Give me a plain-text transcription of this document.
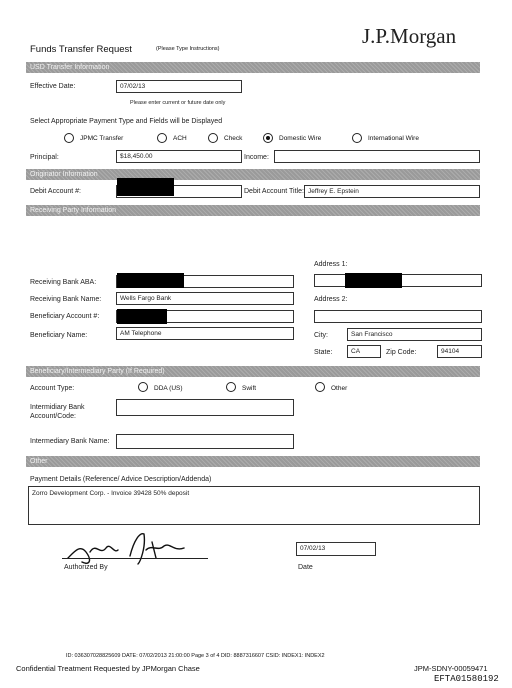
J.P.Morgan
Funds Transfer Request	(Please Type Instructions)
USD Transfer Information
Effective Date:	07/02/13
Please enter current or future date only
Select Appropriate Payment Type and Fields will be Displayed
JPMC Transfer	ACH	Check	Domestic Wire	International Wire
Principal:	$18,450.00	Income:
Originator Information
Debit Account #:	Debit Account Title: Jeffrey E. Epstein
Receiving Party Information
Address 1:
Receiving Bank ABA:
Receiving Bank Name:	Wells Fargo Bank	Address 2:
Beneficiary Account #:
Beneficiary Name:	AM Telephone	City:	San Francisco
State:	CA	Zip Code:	94104
Beneficiary/Intermediary Party (If Required)
Account Type:	DDA (US)	Swift	Other
Intermidiary Bank
Account/Code:
Intermediary Bank Name:
Other
Payment Details (Reference/ Advice Description/Addenda)
Zorro Development Corp. - Invoice 39428 50% deposit
Authorized By
07/02/13
Date
ID: 036307028825609 DATE: 07/02/2013 21:00:00 Page 3 of 4 DID: 8887316607 CSID: INDEX1: INDEX2
Confidential Treatment Requested by JPMorgan Chase	JPM-SDNY-00059471
EFTA01580192
